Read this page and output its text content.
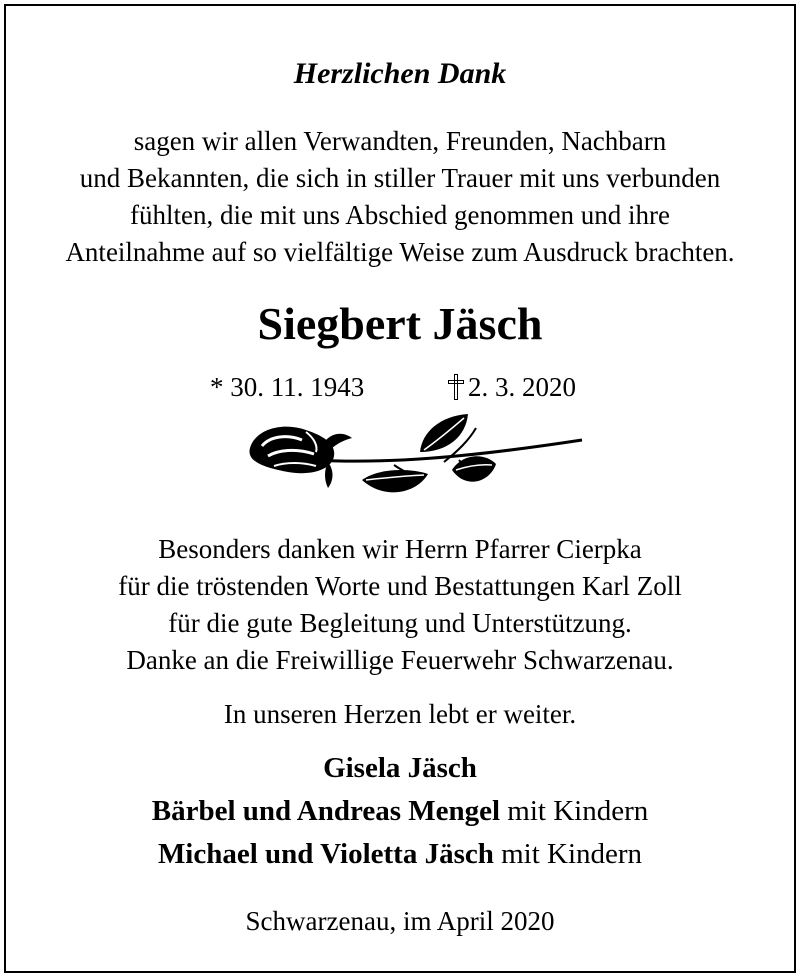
Herzlichen Dank
sagen wir allen Verwandten, Freunden, Nachbarn
und Bekannten, die sich in stiller Trauer mit uns verbunden
fühlten, die mit uns Abschied genommen und ihre
Anteilnahme auf so vielfältige Weise zum Ausdruck brachten.
Siegbert Jäsch
* 30. 11. 1943	2. 3. 2020
Besonders danken wir Herrn Pfarrer Cierpka
für die tröstenden Worte und Bestattungen Karl Zoll
für die gute Begleitung und Unterstützung.
Danke an die Freiwillige Feuerwehr Schwarzenau.
In unseren Herzen lebt er weiter.
Gisela Jäsch
Bärbel und Andreas Mengel mit Kindern
Michael und Violetta Jäsch mit Kindern
Schwarzenau, im April 2020
